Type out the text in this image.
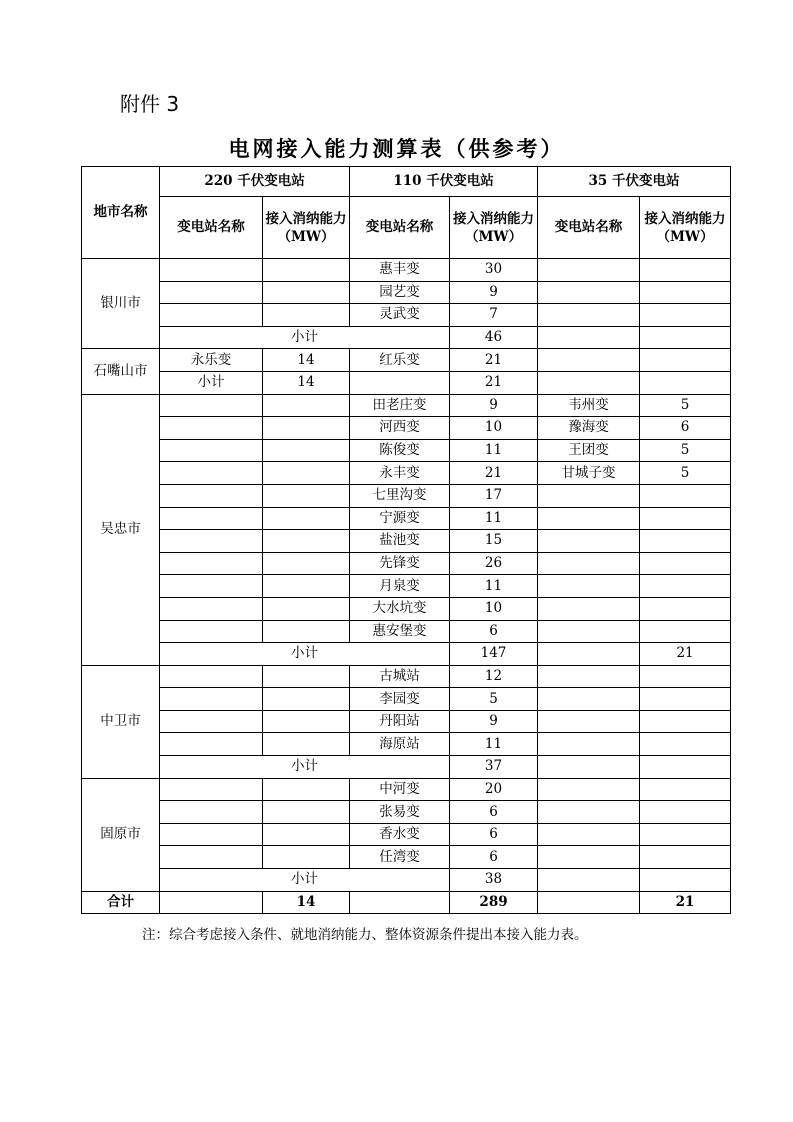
附件 3
电网接入能力测算表（供参考）
地市名称	220 千伏变电站		110 千伏变电站		35 千伏变电站	
	变电站名称	接入消纳能力（MW）	变电站名称	接入消纳能力（MW）	变电站名称	接入消纳能力（MW）
银川市			惠丰变	30		
			园艺变	9		
			灵武变	7		
	小计			46		
石嘴山市	永乐变	14	红乐变	21		
	小计	14		21		
吴忠市			田老庄变	9	韦州变	5
			河西变	10	豫海变	6
			陈俊变	11	王团变	5
			永丰变	21	甘城子变	5
			七里沟变	17		
			宁源变	11		
			盐池变	15		
			先锋变	26		
			月泉变	11		
			大水坑变	10		
			惠安堡变	6		
	小计			147		21
中卫市			古城站	12		
			李园变	5		
			丹阳站	9		
			海原站	11		
	小计			37		
固原市			中河变	20		
			张易变	6		
			香水变	6		
			任湾变	6		
	小计			38		
合计		14		289		21
注：综合考虑接入条件、就地消纳能力、整体资源条件提出本接入能力表。
